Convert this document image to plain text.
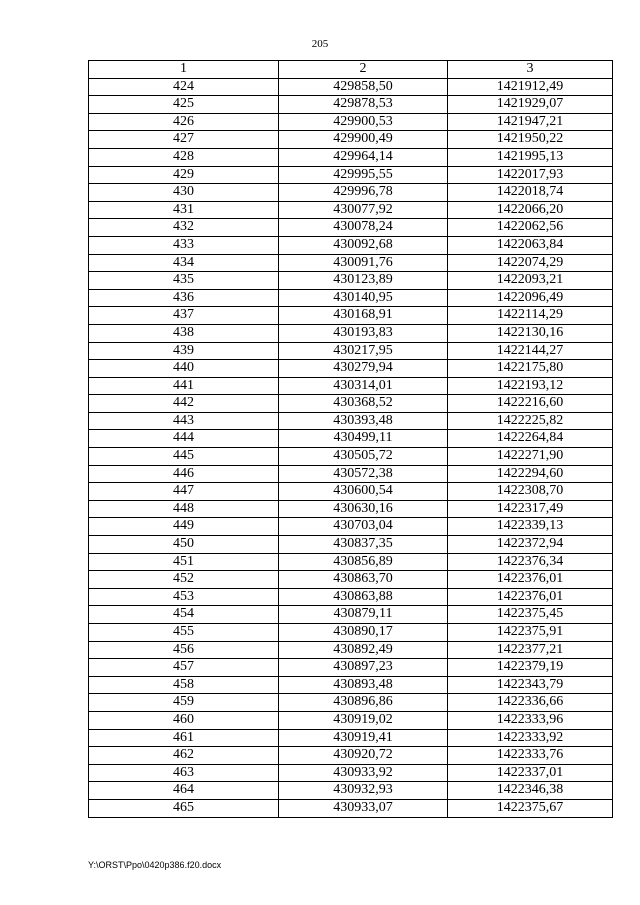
205
1	2	3
424	429858,50	1421912,49
425	429878,53	1421929,07
426	429900,53	1421947,21
427	429900,49	1421950,22
428	429964,14	1421995,13
429	429995,55	1422017,93
430	429996,78	1422018,74
431	430077,92	1422066,20
432	430078,24	1422062,56
433	430092,68	1422063,84
434	430091,76	1422074,29
435	430123,89	1422093,21
436	430140,95	1422096,49
437	430168,91	1422114,29
438	430193,83	1422130,16
439	430217,95	1422144,27
440	430279,94	1422175,80
441	430314,01	1422193,12
442	430368,52	1422216,60
443	430393,48	1422225,82
444	430499,11	1422264,84
445	430505,72	1422271,90
446	430572,38	1422294,60
447	430600,54	1422308,70
448	430630,16	1422317,49
449	430703,04	1422339,13
450	430837,35	1422372,94
451	430856,89	1422376,34
452	430863,70	1422376,01
453	430863,88	1422376,01
454	430879,11	1422375,45
455	430890,17	1422375,91
456	430892,49	1422377,21
457	430897,23	1422379,19
458	430893,48	1422343,79
459	430896,86	1422336,66
460	430919,02	1422333,96
461	430919,41	1422333,92
462	430920,72	1422333,76
463	430933,92	1422337,01
464	430932,93	1422346,38
465	430933,07	1422375,67
Y:\ORST\Ppo\0420p386.f20.docx
